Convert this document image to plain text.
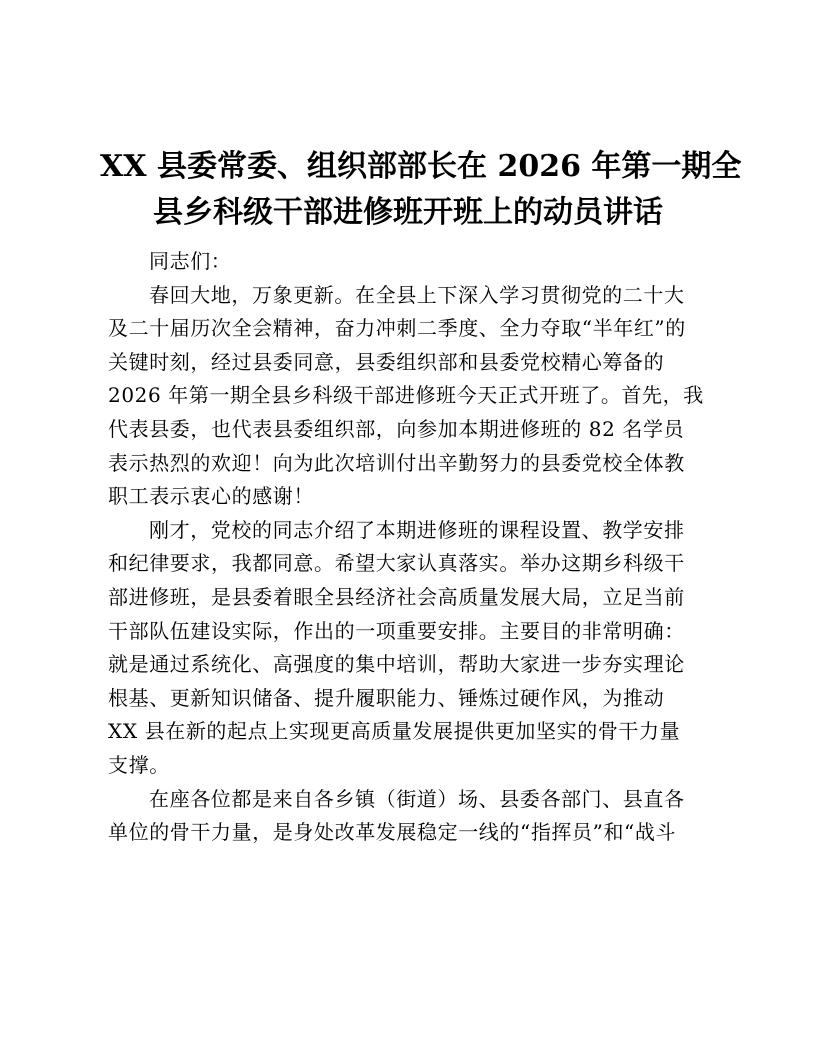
XX 县委常委、组织部部长在 2026 年第一期全
县乡科级干部进修班开班上的动员讲话
同志们：
春回大地，万象更新。在全县上下深入学习贯彻党的二十大
及二十届历次全会精神，奋力冲刺二季度、全力夺取“半年红”的
关键时刻，经过县委同意，县委组织部和县委党校精心筹备的
2026 年第一期全县乡科级干部进修班今天正式开班了。首先，我
代表县委，也代表县委组织部，向参加本期进修班的 82 名学员
表示热烈的欢迎！向为此次培训付出辛勤努力的县委党校全体教
职工表示衷心的感谢！
刚才，党校的同志介绍了本期进修班的课程设置、教学安排
和纪律要求，我都同意。希望大家认真落实。举办这期乡科级干
部进修班，是县委着眼全县经济社会高质量发展大局，立足当前
干部队伍建设实际，作出的一项重要安排。主要目的非常明确：
就是通过系统化、高强度的集中培训，帮助大家进一步夯实理论
根基、更新知识储备、提升履职能力、锤炼过硬作风，为推动
XX 县在新的起点上实现更高质量发展提供更加坚实的骨干力量
支撑。
在座各位都是来自各乡镇（街道）场、县委各部门、县直各
单位的骨干力量，是身处改革发展稳定一线的“指挥员”和“战斗
